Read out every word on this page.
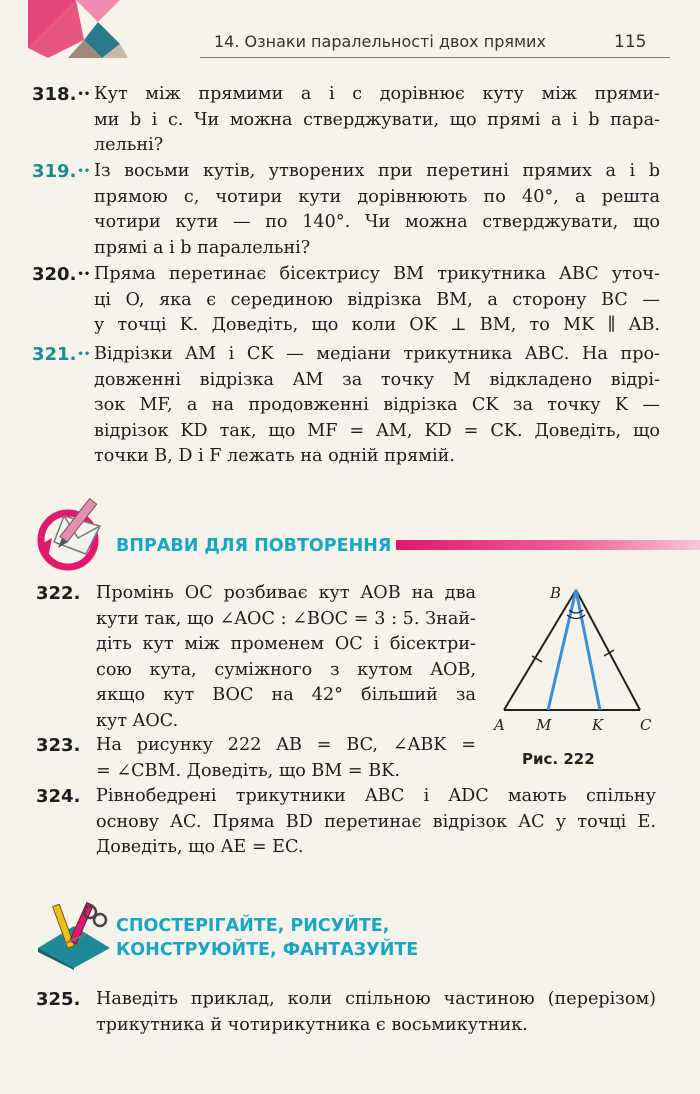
14. Ознаки паралельності двох прямих	115
318.•• Кут між прямими a і c дорівнює куту між прями-
ми b і c. Чи можна стверджувати, що прямі a і b пара-
лельні?
319.•• Із восьми кутів, утворених при перетині прямих a і b
прямою c, чотири кути дорівнюють по 40°, а решта
чотири кути — по 140°. Чи можна стверджувати, що
прямі a і b паралельні?
320.•• Пряма перетинає бісектрису BM трикутника ABC уточ-
ці O, яка є серединою відрізка BM, а сторону BC —
у точці K. Доведіть, що коли OK ⊥ BM, то MK ∥ AB.
321.•• Відрізки AM і CK — медіани трикутника ABC. На про-
довженні відрізка AM за точку M відкладено відрі-
зок MF, а на продовженні відрізка CK за точку K —
відрізок KD так, що MF = AM, KD = CK. Доведіть, що
точки B, D і F лежать на одній прямій.
ВПРАВИ ДЛЯ ПОВТОРЕННЯ
322. Промінь OC розбиває кут AOB на два
кути так, що ∠AOC : ∠BOC = 3 : 5. Знай-
діть кут між променем OC і бісектри-
сою кута, суміжного з кутом AOB,
якщо кут BOC на 42° більший за
кут AOC.
323. На рисунку 222 AB = BC, ∠ABK =
= ∠CBM. Доведіть, що BM = BK.
324. Рівнобедрені трикутники ABC і ADC мають спільну
основу AC. Пряма BD перетинає відрізок AC у точці E.
Доведіть, що AE = EC.
B
A M	K C
Рис. 222
СПОСТЕРІГАЙТЕ, РИСУЙТЕ,
КОНСТРУЮЙТЕ, ФАНТАЗУЙТЕ
325. Наведіть приклад, коли спільною частиною (перерізом)
трикутника й чотирикутника є восьмикутник.
